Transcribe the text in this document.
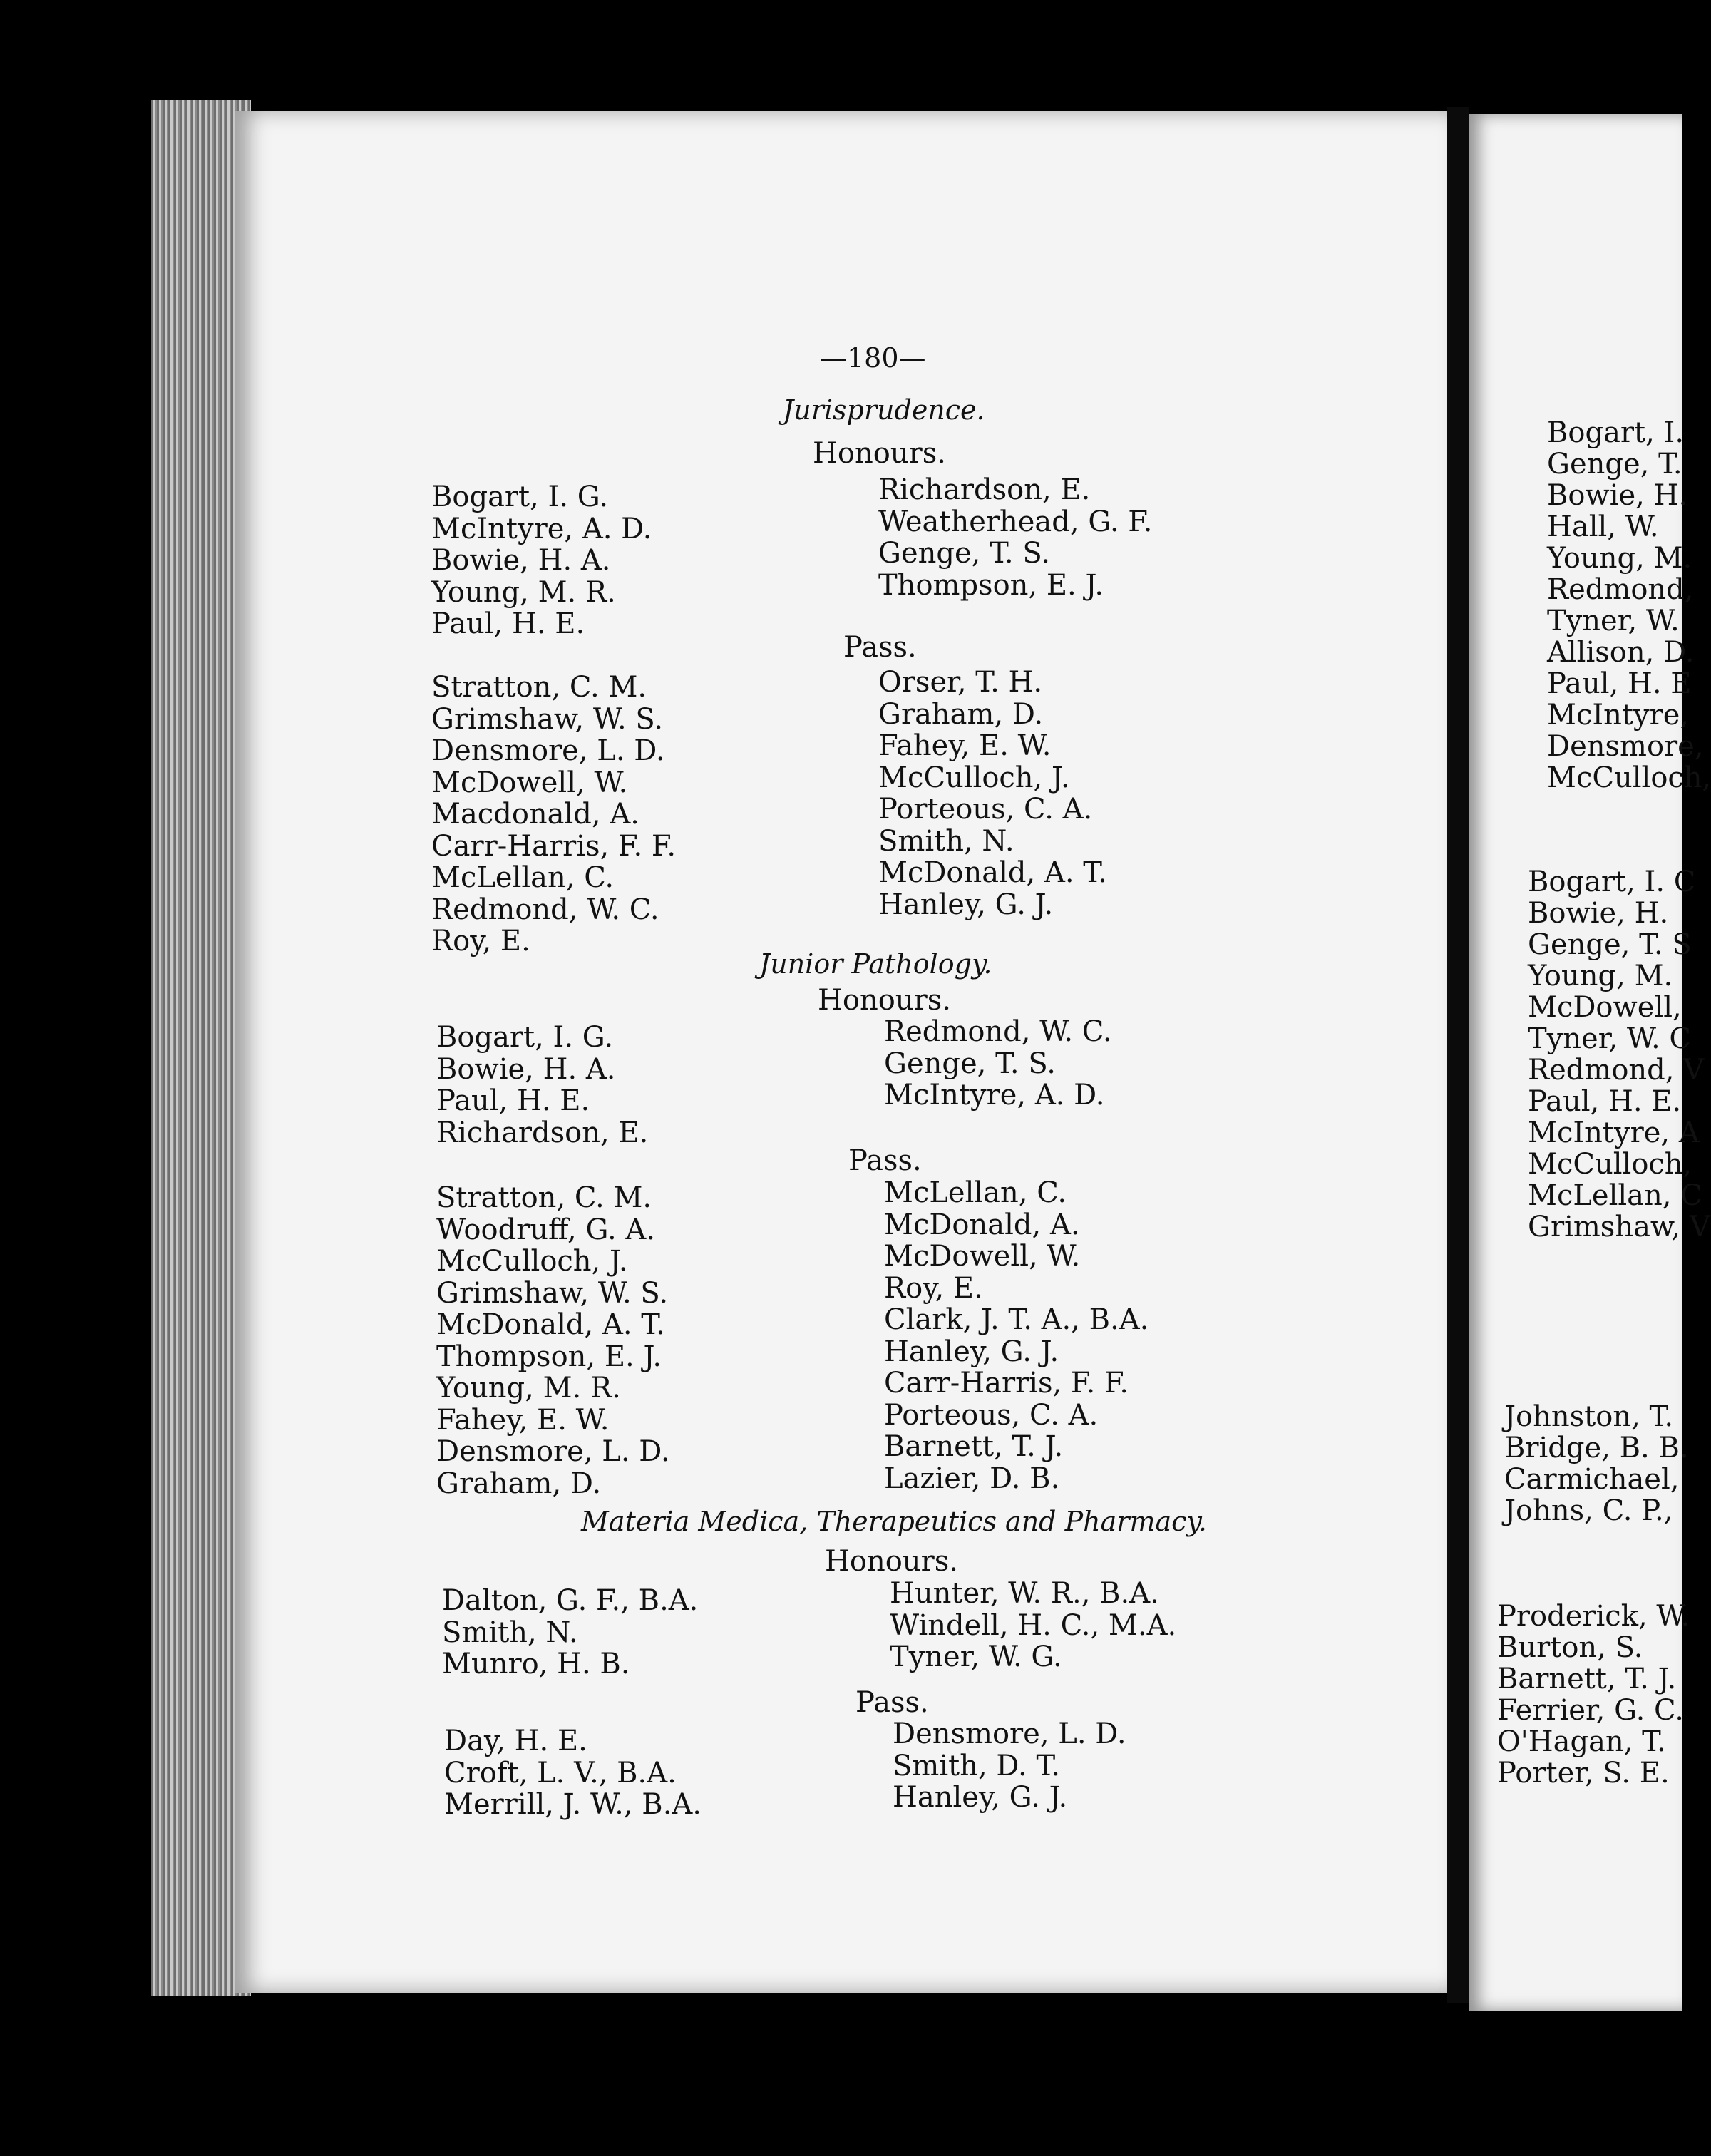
—180—
Jurisprudence.
Honours.
Bogart, I. G.
McIntyre, A. D.
Bowie, H. A.
Young, M. R.
Paul, H. E.
Richardson, E.
Weatherhead, G. F.
Genge, T. S.
Thompson, E. J.
Pass.
Stratton, C. M.
Grimshaw, W. S.
Densmore, L. D.
McDowell, W.
Macdonald, A.
Carr-Harris, F. F.
McLellan, C.
Redmond, W. C.
Roy, E.
Orser, T. H.
Graham, D.
Fahey, E. W.
McCulloch, J.
Porteous, C. A.
Smith, N.
McDonald, A. T.
Hanley, G. J.
Junior Pathology.
Honours.
Bogart, I. G.
Bowie, H. A.
Paul, H. E.
Richardson, E.
Redmond, W. C.
Genge, T. S.
McIntyre, A. D.
Pass.
Stratton, C. M.
Woodruff, G. A.
McCulloch, J.
Grimshaw, W. S.
McDonald, A. T.
Thompson, E. J.
Young, M. R.
Fahey, E. W.
Densmore, L. D.
Graham, D.
McLellan, C.
McDonald, A.
McDowell, W.
Roy, E.
Clark, J. T. A., B.A.
Hanley, G. J.
Carr-Harris, F. F.
Porteous, C. A.
Barnett, T. J.
Lazier, D. B.
Materia Medica, Therapeutics and Pharmacy.
Honours.
Dalton, G. F., B.A.
Smith, N.
Munro, H. B.
Hunter, W. R., B.A.
Windell, H. C., M.A.
Tyner, W. G.
Pass.
Day, H. E.
Croft, L. V., B.A.
Merrill, J. W., B.A.
Densmore, L. D.
Smith, D. T.
Hanley, G. J.
Bogart, I.
Genge, T.
Bowie, H.
Hall, W.
Young, M.
Redmond,
Tyner, W.
Allison, D.
Paul, H. E
McIntyre,
Densmore,
McCulloch,
Bogart, I. C
Bowie, H.
Genge, T. S
Young, M.
McDowell,
Tyner, W. C
Redmond, V
Paul, H. E.
McIntyre, A
McCulloch,
McLellan, C
Grimshaw, V
Johnston, T.
Bridge, B. B.
Carmichael,
Johns, C. P.,
Proderick, W.
Burton, S.
Barnett, T. J.
Ferrier, G. C.
O'Hagan, T.
Porter, S. E.
